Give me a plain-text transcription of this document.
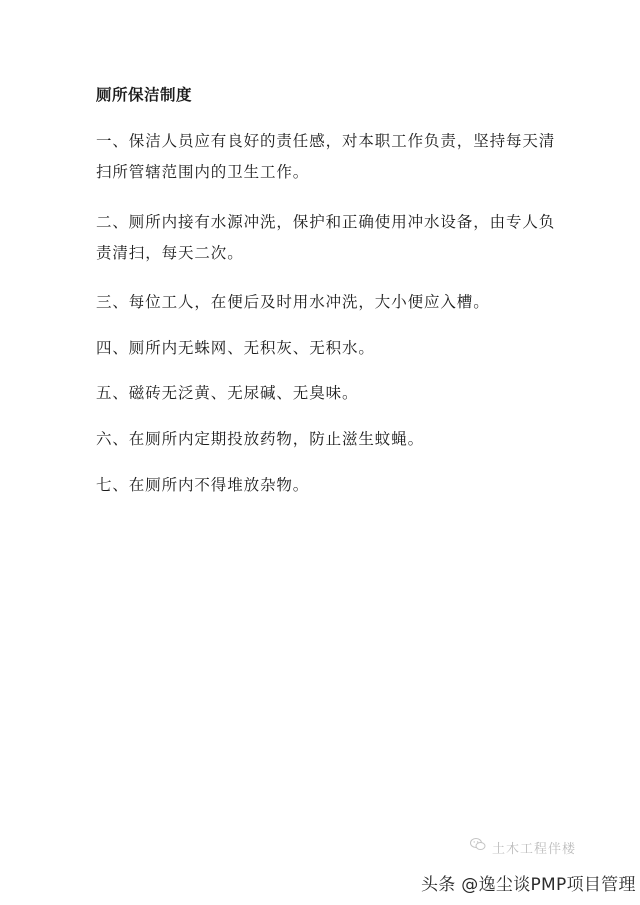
厕所保洁制度
一、保洁人员应有良好的责任感，对本职工作负责，坚持每天清扫所管辖范围内的卫生工作。
二、厕所内接有水源冲洗，保护和正确使用冲水设备，由专人负责清扫，每天二次。
三、每位工人，在便后及时用水冲洗，大小便应入槽。
四、厕所内无蛛网、无积灰、无积水。
五、磁砖无泛黄、无尿碱、无臭味。
六、在厕所内定期投放药物，防止滋生蚊蝇。
七、在厕所内不得堆放杂物。
土木工程伴楼
头条 @逸尘谈PMP项目管理
